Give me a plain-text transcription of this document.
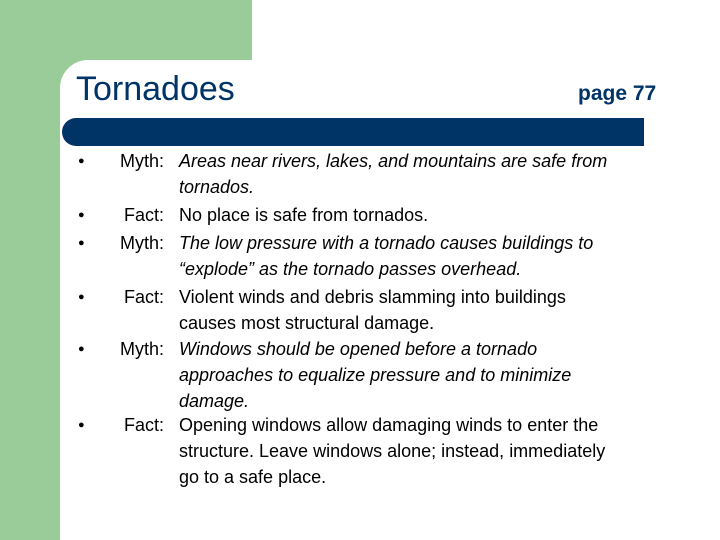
Tornadoes	page 77
●	Myth: Areas near rivers, lakes, and mountains are safe from
tornados.
●	Fact: No place is safe from tornados.
●	Myth: The low pressure with a tornado causes buildings to
“explode” as the tornado passes overhead.
●	Fact: Violent winds and debris slamming into buildings
causes most structural damage.
●	Myth: Windows should be opened before a tornado
approaches to equalize pressure and to minimize
damage.
●	Fact: Opening windows allow damaging winds to enter the
structure. Leave windows alone; instead, immediately
go to a safe place.
